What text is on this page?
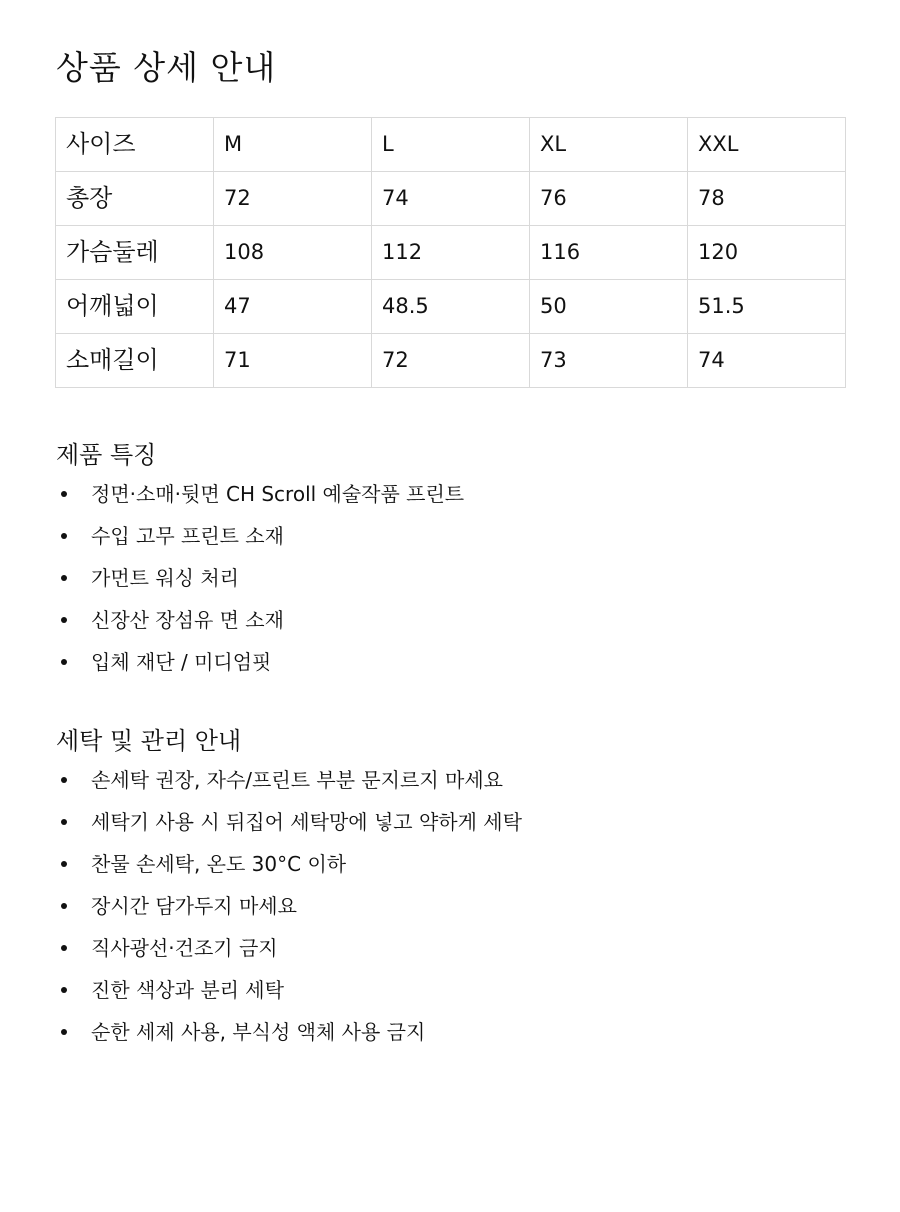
상품 상세 안내
사이즈	M	L	XL	XXL
총장	72	74	76	78
가슴둘레	108	112	116	120
어깨넓이	47	48.5	50	51.5
소매길이	71	72	73	74
제품 특징
정면·소매·뒷면 CH Scroll 예술작품 프린트
수입 고무 프린트 소재
가먼트 워싱 처리
신장산 장섬유 면 소재
입체 재단 / 미디엄핏
세탁 및 관리 안내
손세탁 권장, 자수/프린트 부분 문지르지 마세요
세탁기 사용 시 뒤집어 세탁망에 넣고 약하게 세탁
찬물 손세탁, 온도 30°C 이하
장시간 담가두지 마세요
직사광선·건조기 금지
진한 색상과 분리 세탁
순한 세제 사용, 부식성 액체 사용 금지
